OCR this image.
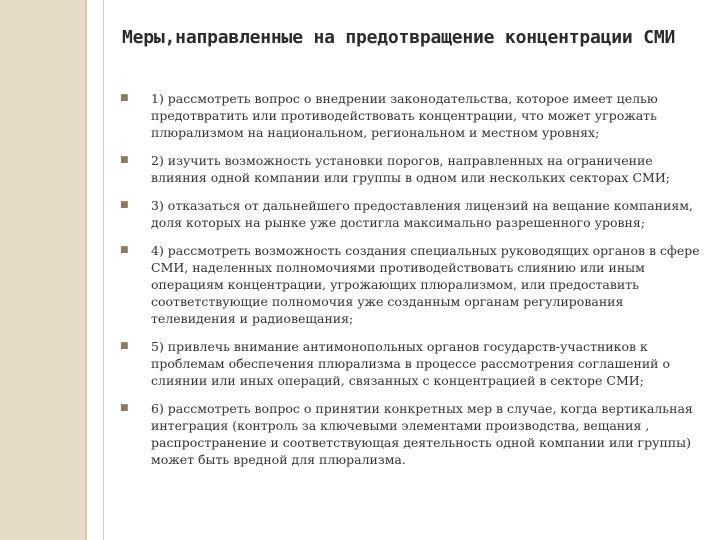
Меры,направленные на предотвращение концентрации СМИ
■ 1) рассмотреть вопрос о внедрении законодательства, которое имеет целью предотвратить или противодействовать концентрации, что может угрожать плюрализмом на национальном, региональном и местном уровнях;
■ 2) изучить возможность установки порогов, направленных на ограничение влияния одной компании или группы в одном или нескольких секторах СМИ;
■ 3) отказаться от дальнейшего предоставления лицензий на вещание компаниям, доля которых на рынке уже достигла максимально разрешенного уровня;
■ 4) рассмотреть возможность создания специальных руководящих органов в сфере СМИ, наделенных полномочиями противодействовать слиянию или иным операциям концентрации, угрожающих плюрализмом, или предоставить соответствующие полномочия уже созданным органам регулирования телевидения и радиовещания;
■ 5) привлечь внимание антимонопольных органов государств-участников к проблемам обеспечения плюрализма в процессе рассмотрения соглашений о слиянии или иных операций, связанных с концентрацией в секторе СМИ;
■ 6) рассмотреть вопрос о принятии конкретных мер в случае, когда вертикальная интеграция (контроль за ключевыми элементами производства, вещания , распространение и соответствующая деятельность одной компании или группы) может быть вредной для плюрализма.
